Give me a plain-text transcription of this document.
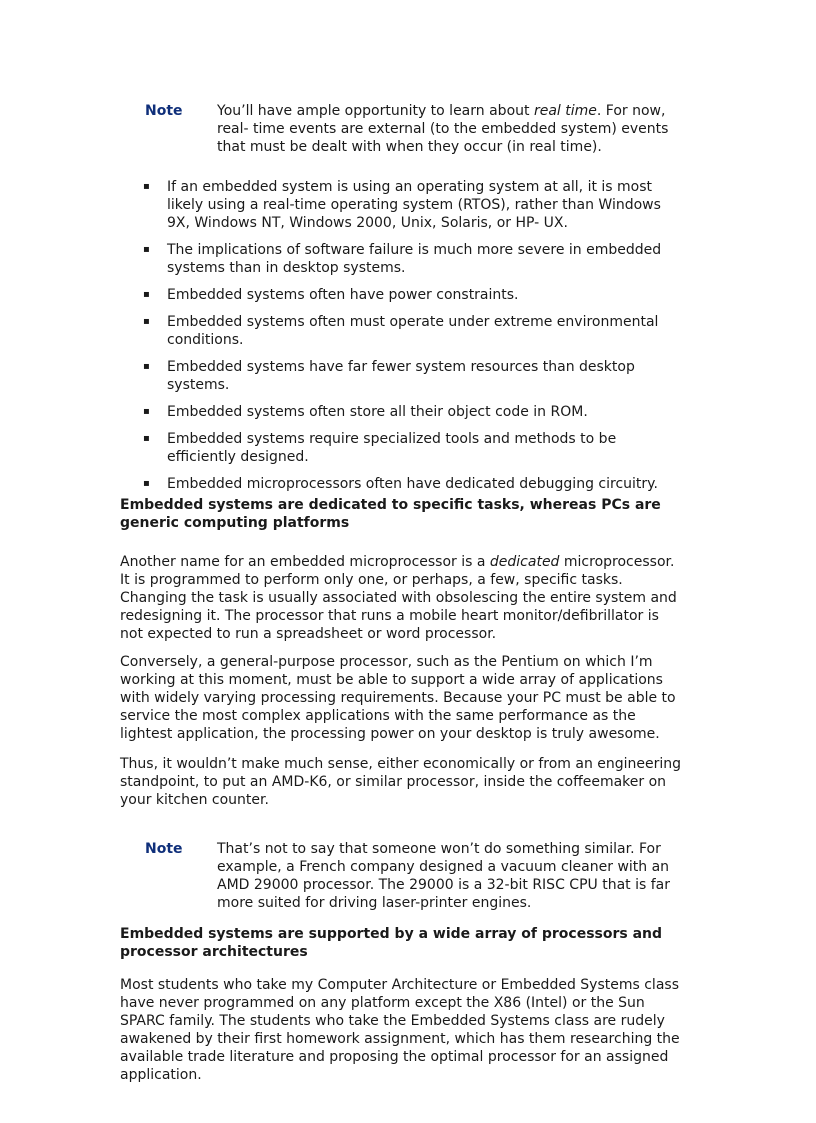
Note	You’ll have ample opportunity to learn about real time. For now, real- time events are external (to the embedded system) events that must be dealt with when they occur (in real time).
▪ If an embedded system is using an operating system at all, it is most likely using a real-time operating system (RTOS), rather than Windows 9X, Windows NT, Windows 2000, Unix, Solaris, or HP- UX.
▪ The implications of software failure is much more severe in embedded systems than in desktop systems.
▪ Embedded systems often have power constraints.
▪ Embedded systems often must operate under extreme environmental conditions.
▪ Embedded systems have far fewer system resources than desktop systems.
▪ Embedded systems often store all their object code in ROM.
▪ Embedded systems require specialized tools and methods to be efficiently designed.
▪ Embedded microprocessors often have dedicated debugging circuitry.
Embedded systems are dedicated to specific tasks, whereas PCs are generic computing platforms

Another name for an embedded microprocessor is a dedicated microprocessor. It is programmed to perform only one, or perhaps, a few, specific tasks. Changing the task is usually associated with obsolescing the entire system and redesigning it. The processor that runs a mobile heart monitor/defibrillator is not expected to run a spreadsheet or word processor.

Conversely, a general-purpose processor, such as the Pentium on which I’m working at this moment, must be able to support a wide array of applications with widely varying processing requirements. Because your PC must be able to service the most complex applications with the same performance as the lightest application, the processing power on your desktop is truly awesome.

Thus, it wouldn’t make much sense, either economically or from an engineering standpoint, to put an AMD-K6, or similar processor, inside the coffeemaker on your kitchen counter.

Note	That’s not to say that someone won’t do something similar. For example, a French company designed a vacuum cleaner with an AMD 29000 processor. The 29000 is a 32-bit RISC CPU that is far more suited for driving laser-printer engines.
Embedded systems are supported by a wide array of processors and processor architectures

Most students who take my Computer Architecture or Embedded Systems class have never programmed on any platform except the X86 (Intel) or the Sun SPARC family. The students who take the Embedded Systems class are rudely awakened by their first homework assignment, which has them researching the available trade literature and proposing the optimal processor for an assigned application.
